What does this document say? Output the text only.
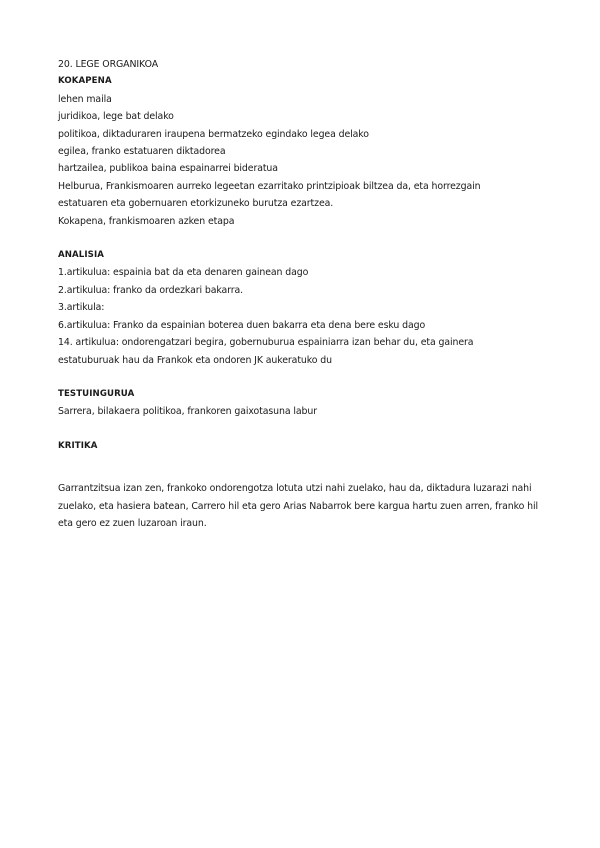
20. LEGE ORGANIKOA
KOKAPENA
lehen maila
juridikoa, lege bat delako
politikoa, diktaduraren iraupena bermatzeko egindako legea delako
egilea, franko estatuaren diktadorea
hartzailea, publikoa baina espainarrei bideratua
Helburua, Frankismoaren aurreko legeetan ezarritako printzipioak biltzea da, eta horrezgain
estatuaren eta gobernuaren etorkizuneko burutza ezartzea.
Kokapena, frankismoaren azken etapa
ANALISIA
1.artikulua: espainia bat da eta denaren gainean dago
2.artikulua: franko da ordezkari bakarra.
3.artikula:
6.artikulua: Franko da espainian boterea duen bakarra eta dena bere esku dago
14. artikulua: ondorengatzari begira, gobernuburua espainiarra izan behar du, eta gainera
estatuburuak hau da Frankok eta ondoren JK aukeratuko du
TESTUINGURUA
Sarrera, bilakaera politikoa, frankoren gaixotasuna labur
KRITIKA
Garrantzitsua izan zen, frankoko ondorengotza lotuta utzi nahi zuelako, hau da, diktadura luzarazi nahi zuelako, eta hasiera batean, Carrero hil eta gero Arias Nabarrok bere kargua hartu zuen arren, franko hil eta gero ez zuen luzaroan iraun.
